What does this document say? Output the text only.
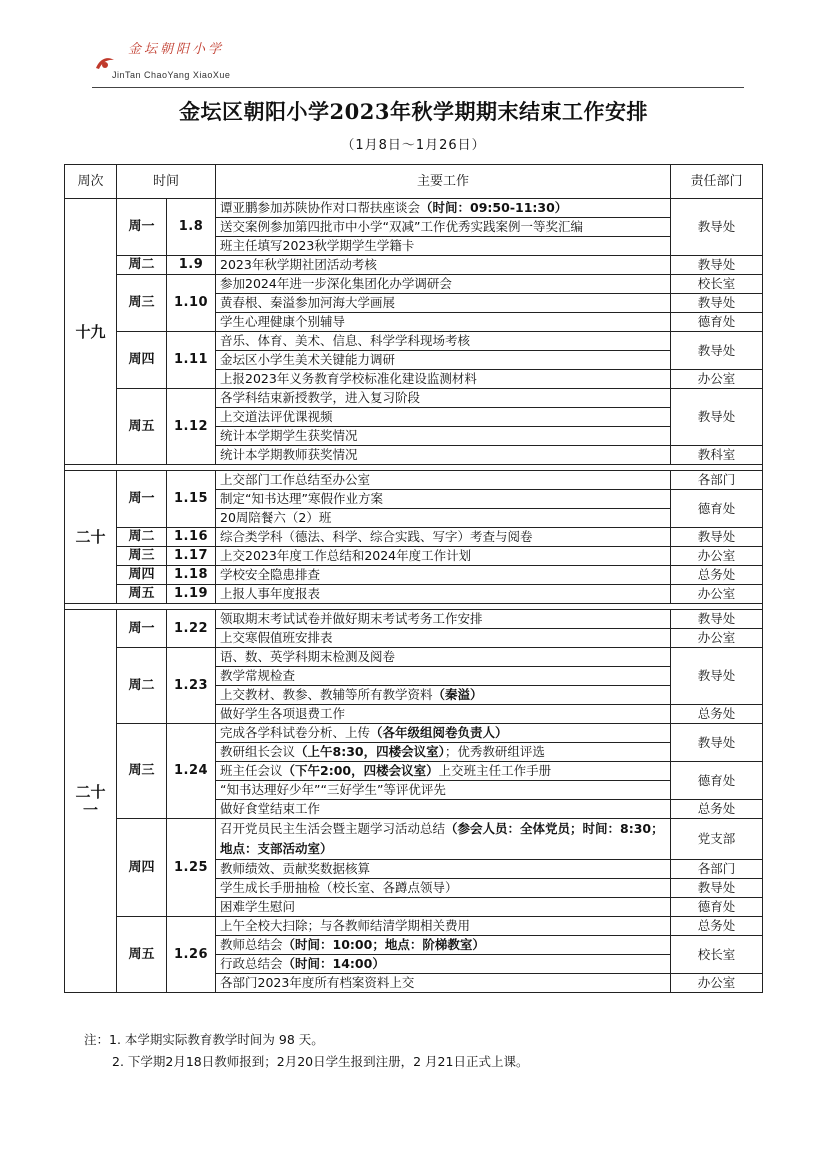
金坛朝阳小学
JinTan ChaoYang XiaoXue
金坛区朝阳小学2023年秋学期期末结束工作安排
（1月8日～1月26日）
周次	时间		主要工作	责任部门
十九	周一	1.8	谭亚鹏参加苏陕协作对口帮扶座谈会（时间：09:50-11:30）	教导处
			送交案例参加第四批市中小学“双减”工作优秀实践案例一等奖汇编	
			班主任填写2023秋学期学生学籍卡	
	周二	1.9	2023年秋学期社团活动考核	教导处
	周三	1.10	参加2024年进一步深化集团化办学调研会	校长室
			黄春根、秦溢参加河海大学画展	教导处
			学生心理健康个别辅导	德育处
	周四	1.11	音乐、体育、美术、信息、科学学科现场考核	教导处
			金坛区小学生美术关键能力调研	
			上报2023年义务教育学校标准化建设监测材料	办公室
	周五	1.12	各学科结束新授教学，进入复习阶段	教导处
			上交道法评优课视频	
			统计本学期学生获奖情况	
			统计本学期教师获奖情况	教科室

二十	周一	1.15	上交部门工作总结至办公室	各部门
			制定“知书达理”寒假作业方案	德育处
			20周陪餐六（2）班	
	周二	1.16	综合类学科（德法、科学、综合实践、写字）考查与阅卷	教导处
	周三	1.17	上交2023年度工作总结和2024年度工作计划	办公室
	周四	1.18	学校安全隐患排查	总务处
	周五	1.19	上报人事年度报表	办公室

二十一	周一	1.22	领取期末考试试卷并做好期末考试考务工作安排	教导处
			上交寒假值班安排表	办公室
	周二	1.23	语、数、英学科期末检测及阅卷	教导处
			教学常规检查	
			上交教材、教参、教辅等所有教学资料（秦溢）	
			做好学生各项退费工作	总务处
	周三	1.24	完成各学科试卷分析、上传（各年级组阅卷负责人）	教导处
			教研组长会议（上午8:30，四楼会议室）；优秀教研组评选	
			班主任会议（下午2:00，四楼会议室）上交班主任工作手册	德育处
			“知书达理好少年”“三好学生”等评优评先	
			做好食堂结束工作	总务处
	周四	1.25	召开党员民主生活会暨主题学习活动总结（参会人员：全体党员；时间：8:30；地点：支部活动室）	党支部
			教师绩效、贡献奖数据核算	各部门
			学生成长手册抽检（校长室、各蹲点领导）	教导处
			困难学生慰问	德育处
	周五	1.26	上午全校大扫除；与各教师结清学期相关费用	总务处
			教师总结会（时间：10:00；地点：阶梯教室）	校长室
			行政总结会（时间：14:00）	
			各部门2023年度所有档案资料上交	办公室
注：1. 本学期实际教育教学时间为 98 天。
2. 下学期2月18日教师报到；2月20日学生报到注册，2 月21日正式上课。
